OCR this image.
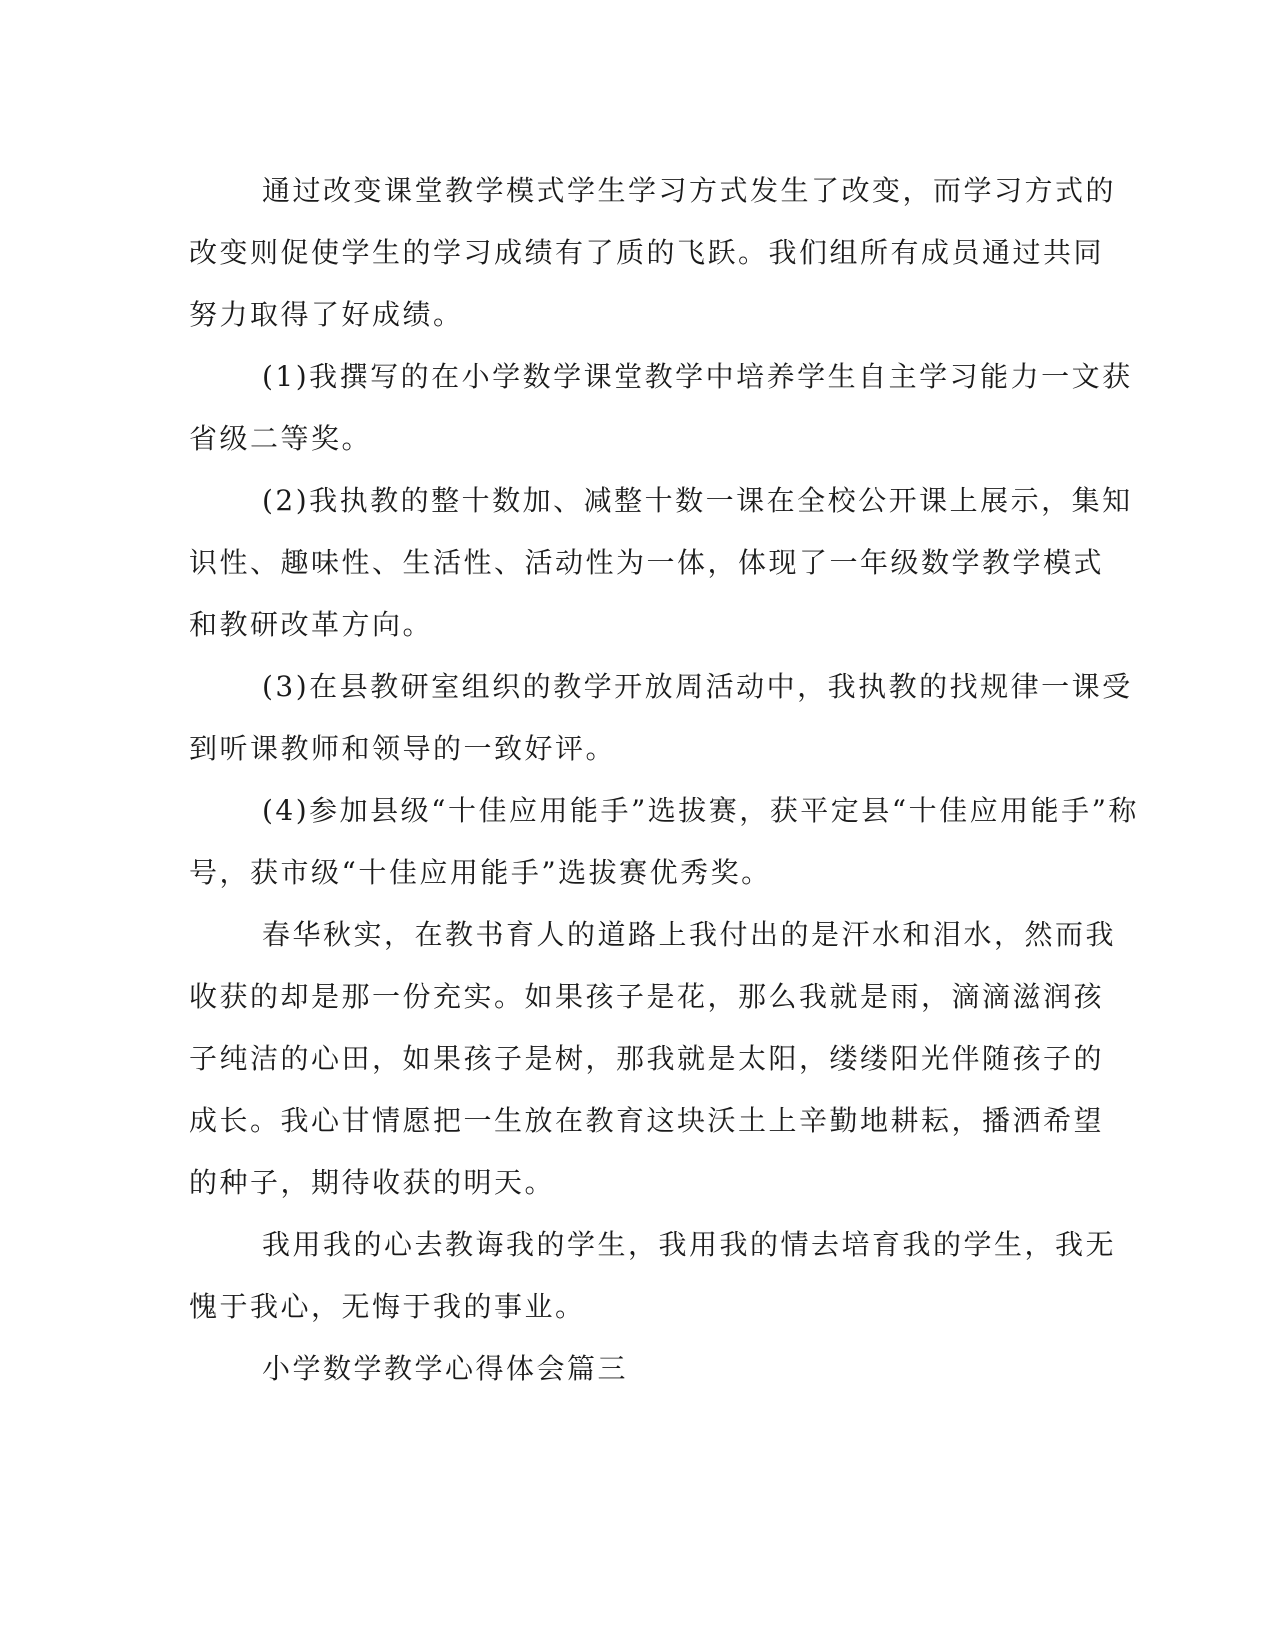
通过改变课堂教学模式学生学习方式发生了改变，而学习方式的
改变则促使学生的学习成绩有了质的飞跃。我们组所有成员通过共同
努力取得了好成绩。
(1)我撰写的在小学数学课堂教学中培养学生自主学习能力一文获
省级二等奖。
(2)我执教的整十数加、减整十数一课在全校公开课上展示，集知
识性、趣味性、生活性、活动性为一体，体现了一年级数学教学模式
和教研改革方向。
(3)在县教研室组织的教学开放周活动中，我执教的找规律一课受
到听课教师和领导的一致好评。
(4)参加县级“十佳应用能手”选拔赛，获平定县“十佳应用能手”称
号，获市级“十佳应用能手”选拔赛优秀奖。
春华秋实，在教书育人的道路上我付出的是汗水和泪水，然而我
收获的却是那一份充实。如果孩子是花，那么我就是雨，滴滴滋润孩
子纯洁的心田，如果孩子是树，那我就是太阳，缕缕阳光伴随孩子的
成长。我心甘情愿把一生放在教育这块沃土上辛勤地耕耘，播洒希望
的种子，期待收获的明天。
我用我的心去教诲我的学生，我用我的情去培育我的学生，我无
愧于我心，无悔于我的事业。
小学数学教学心得体会篇三
